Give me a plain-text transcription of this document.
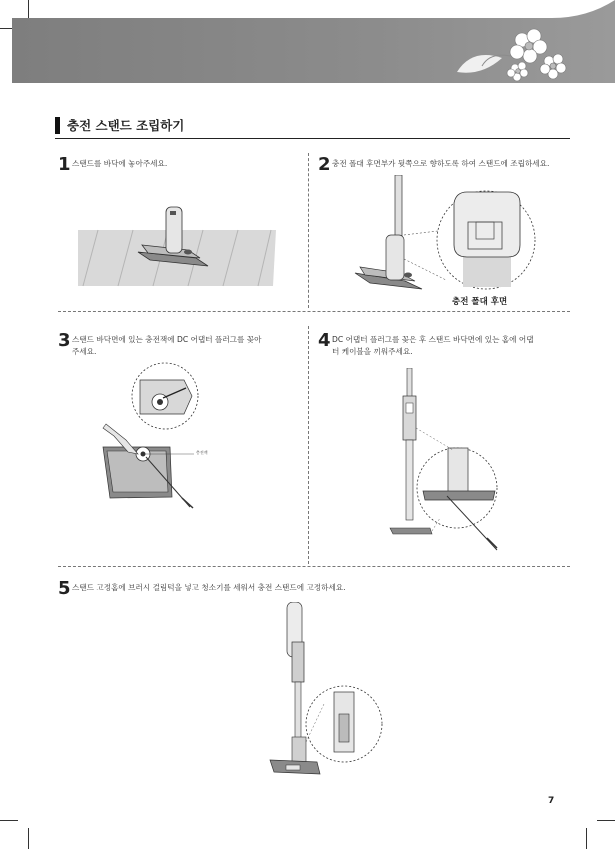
충전 스탠드 조립하기
1 스탠드를 바닥에 놓아주세요.	2 충전 폴대 후면부가 뒷쪽으로 향하도록 하여 스탠드에 조립하세요.
충전 폴대 후면
3 스탠드 바닥면에 있는 충전잭에 DC 어댑터 플러그를 꽂아
주세요.
충전잭
4 DC 어댑터 플러그를 꽂은 후 스탠드 바닥면에 있는 홈에 어댑
터 케이블을 끼워주세요.
5 스탠드 고정홈에 브러시 걸림턱을 넣고 청소기를 세워서 충전 스탠드에 고정하세요.
7
